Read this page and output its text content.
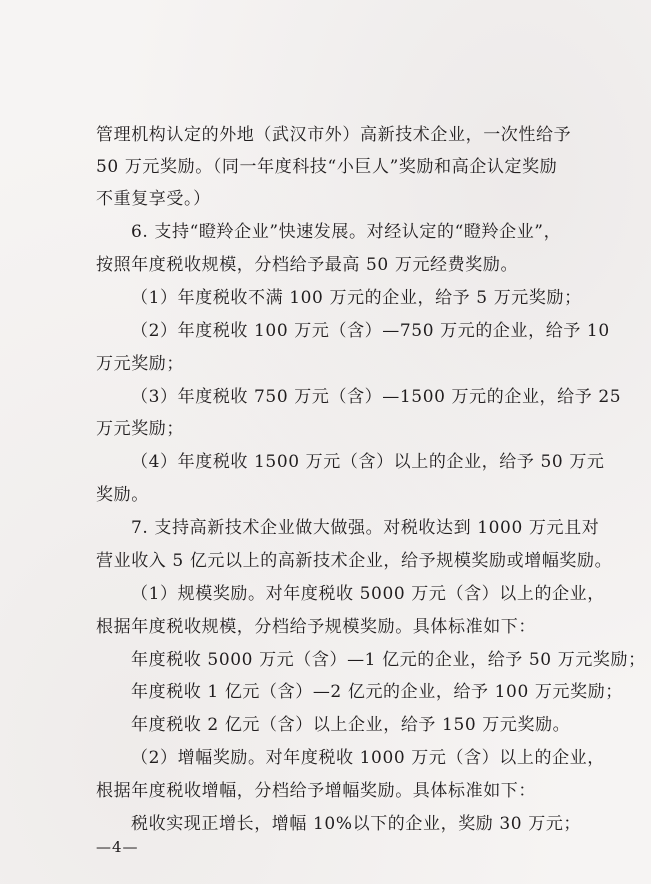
管理机构认定的外地（武汉市外）高新技术企业，一次性给予
50 万元奖励。（同一年度科技“小巨人”奖励和高企认定奖励
不重复享受。）
6. 支持“瞪羚企业”快速发展。对经认定的“瞪羚企业”，
按照年度税收规模，分档给予最高 50 万元经费奖励。
（1）年度税收不满 100 万元的企业，给予 5 万元奖励；
（2）年度税收 100 万元（含）—750 万元的企业，给予 10
万元奖励；
（3）年度税收 750 万元（含）—1500 万元的企业，给予 25
万元奖励；
（4）年度税收 1500 万元（含）以上的企业，给予 50 万元
奖励。
7. 支持高新技术企业做大做强。对税收达到 1000 万元且对
营业收入 5 亿元以上的高新技术企业，给予规模奖励或增幅奖励。
（1）规模奖励。对年度税收 5000 万元（含）以上的企业，
根据年度税收规模，分档给予规模奖励。具体标准如下：
年度税收 5000 万元（含）—1 亿元的企业，给予 50 万元奖励；
年度税收 1 亿元（含）—2 亿元的企业，给予 100 万元奖励；
年度税收 2 亿元（含）以上企业，给予 150 万元奖励。
（2）增幅奖励。对年度税收 1000 万元（含）以上的企业，
根据年度税收增幅，分档给予增幅奖励。具体标准如下：
税收实现正增长，增幅 10%以下的企业，奖励 30 万元；
—4—
